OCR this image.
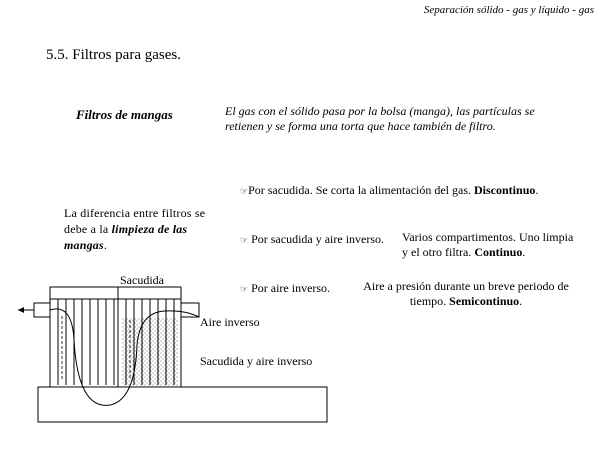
Separación sólido - gas y líquido - gas
5.5. Filtros para gases.
Filtros de mangas	El gas con el sólido pasa por la bolsa (manga), las partículas se retienen y se forma una torta que hace también de filtro.
La diferencia entre filtros se debe a la limpieza de las mangas.
☞Por sacudida. Se corta la alimentación del gas. Discontinuo.
☞ Por sacudida y aire inverso. Varios compartimentos. Uno limpia y el otro filtra. Continuo.
☞ Por aire inverso.	Aire a presión durante un breve periodo de tiempo. Semicontinuo.
Sacudida
Aire inverso
Sacudida y aire inverso
